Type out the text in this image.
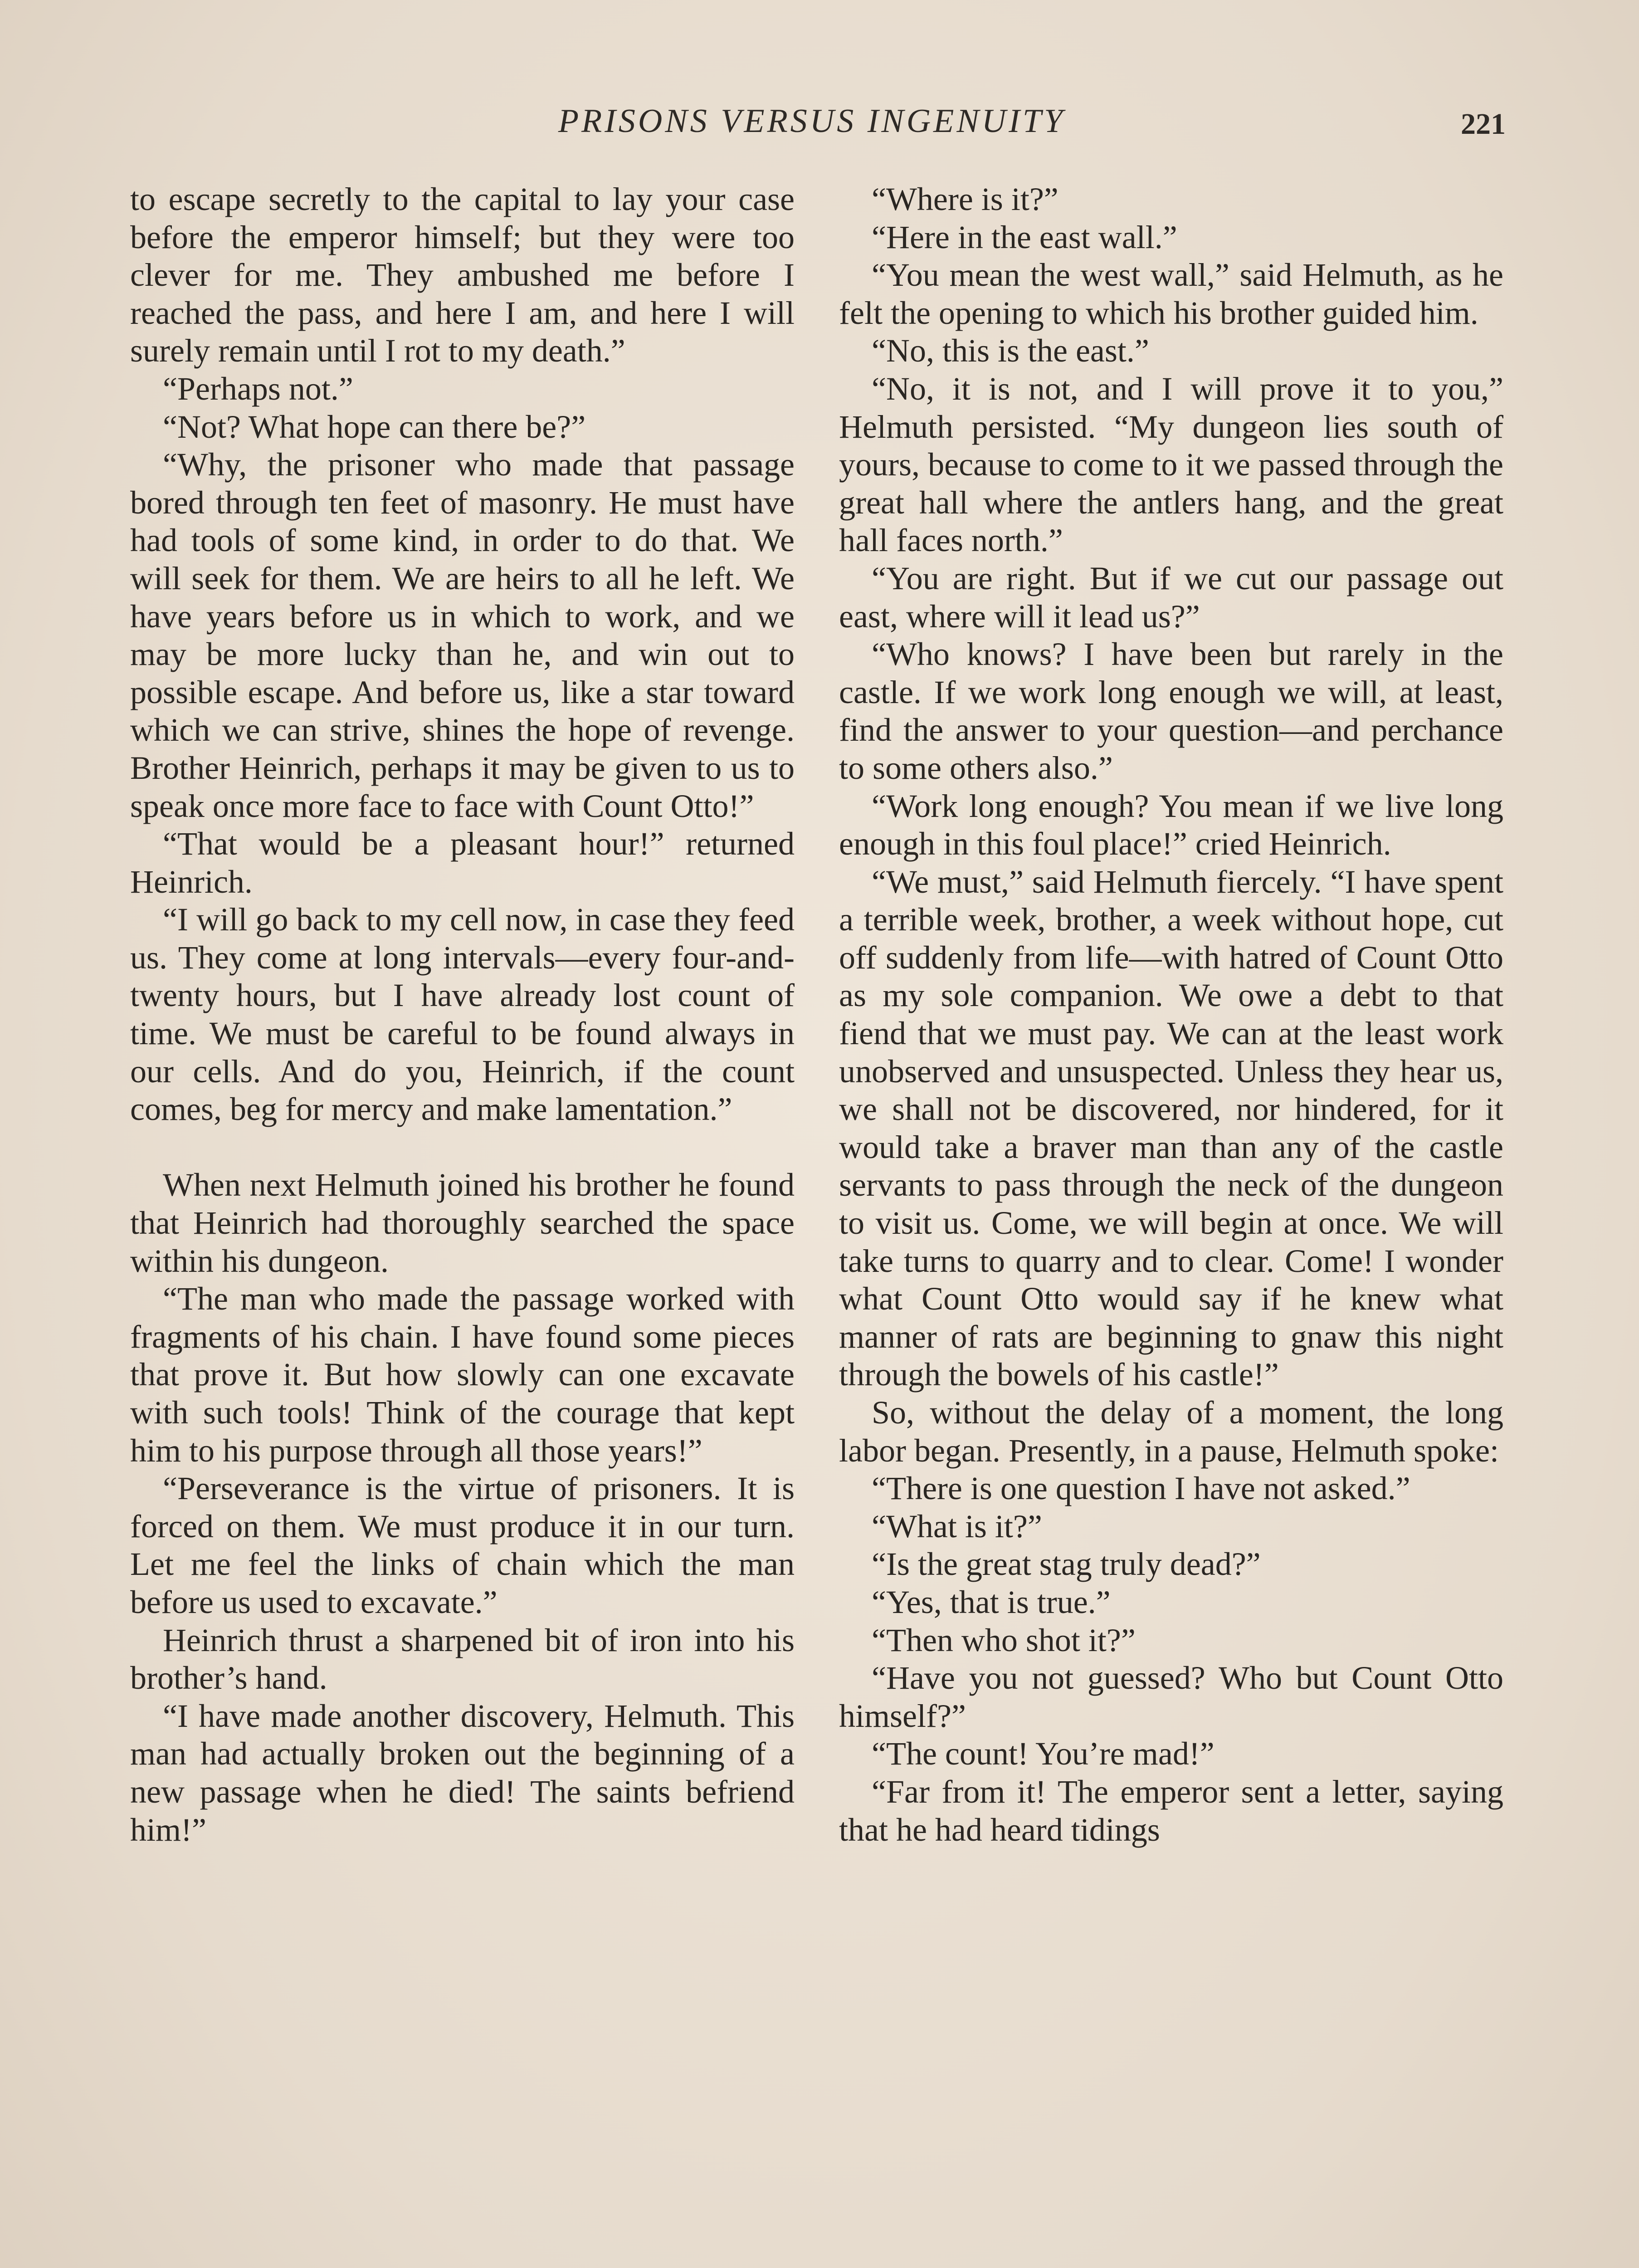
PRISONS VERSUS INGENUITY	221

to escape secretly to the capital to lay your case before the emperor himself; but they were too clever for me. They ambushed me before I reached the pass, and here I am, and here I will surely remain until I rot to my death.”

“Perhaps not.”

“Not? What hope can there be?”

“Why, the prisoner who made that passage bored through ten feet of masonry. He must have had tools of some kind, in order to do that. We will seek for them. We are heirs to all he left. We have years before us in which to work, and we may be more lucky than he, and win out to possible escape. And before us, like a star toward which we can strive, shines the hope of revenge. Brother Heinrich, perhaps it may be given to us to speak once more face to face with Count Otto!”

“That would be a pleasant hour!” returned Heinrich.

“I will go back to my cell now, in case they feed us. They come at long intervals—every four-and-twenty hours, but I have already lost count of time. We must be careful to be found always in our cells. And do you, Heinrich, if the count comes, beg for mercy and make lamentation.”

When next Helmuth joined his brother he found that Heinrich had thoroughly searched the space within his dungeon.

“The man who made the passage worked with fragments of his chain. I have found some pieces that prove it. But how slowly can one excavate with such tools! Think of the courage that kept him to his purpose through all those years!”

“Perseverance is the virtue of prisoners. It is forced on them. We must produce it in our turn. Let me feel the links of chain which the man before us used to excavate.”

Heinrich thrust a sharpened bit of iron into his brother’s hand.

“I have made another discovery, Helmuth. This man had actually broken out the beginning of a new passage when he died! The saints befriend him!”

“Where is it?”

“Here in the east wall.”

“You mean the west wall,” said Helmuth, as he felt the opening to which his brother guided him.

“No, this is the east.”

“No, it is not, and I will prove it to you,” Helmuth persisted. “My dungeon lies south of yours, because to come to it we passed through the great hall where the antlers hang, and the great hall faces north.”

“You are right. But if we cut our passage out east, where will it lead us?”

“Who knows? I have been but rarely in the castle. If we work long enough we will, at least, find the answer to your question—and perchance to some others also.”

“Work long enough? You mean if we live long enough in this foul place!” cried Heinrich.

“We must,” said Helmuth fiercely. “I have spent a terrible week, brother, a week without hope, cut off suddenly from life—with hatred of Count Otto as my sole companion. We owe a debt to that fiend that we must pay. We can at the least work unobserved and unsuspected. Unless they hear us, we shall not be discovered, nor hindered, for it would take a braver man than any of the castle servants to pass through the neck of the dungeon to visit us. Come, we will begin at once. We will take turns to quarry and to clear. Come! I wonder what Count Otto would say if he knew what manner of rats are beginning to gnaw this night through the bowels of his castle!”

So, without the delay of a moment, the long labor began. Presently, in a pause, Helmuth spoke:

“There is one question I have not asked.”

“What is it?”

“Is the great stag truly dead?”

“Yes, that is true.”

“Then who shot it?”

“Have you not guessed? Who but Count Otto himself?”

“The count! You’re mad!”

“Far from it! The emperor sent a letter, saying that he had heard tidings
